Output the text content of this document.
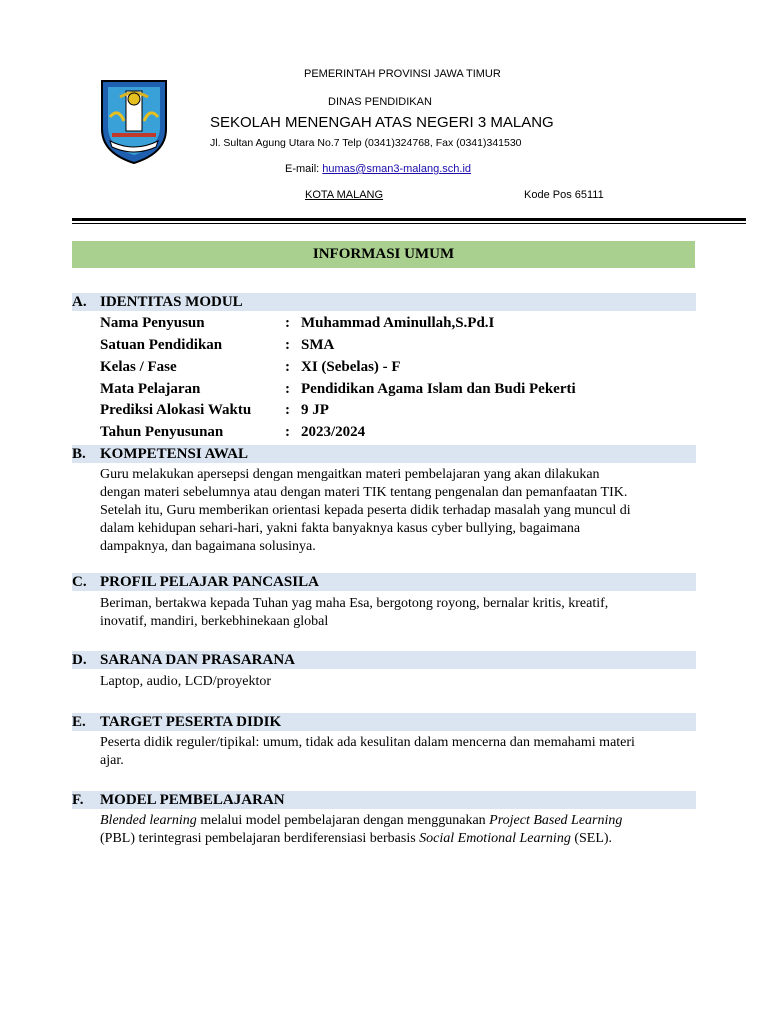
PEMERINTAH PROVINSI JAWA TIMUR
DINAS PENDIDIKAN
SEKOLAH MENENGAH ATAS NEGERI 3 MALANG
Jl. Sultan Agung Utara No.7 Telp (0341)324768, Fax (0341)341530
E-mail: humas@sman3-malang.sch.id
KOTA MALANG	Kode Pos 65111
INFORMASI UMUM
A. IDENTITAS MODUL
Nama Penyusun	: Muhammad Aminullah,S.Pd.I
Satuan Pendidikan	: SMA
Kelas / Fase	: XI (Sebelas) - F
Mata Pelajaran	: Pendidikan Agama Islam dan Budi Pekerti
Prediksi Alokasi Waktu : 9 JP
Tahun Penyusunan	: 2023/2024
B. KOMPETENSI AWAL
Guru melakukan apersepsi dengan mengaitkan materi pembelajaran yang akan dilakukan
dengan materi sebelumnya atau dengan materi TIK tentang pengenalan dan pemanfaatan TIK.
Setelah itu, Guru memberikan orientasi kepada peserta didik terhadap masalah yang muncul di
dalam kehidupan sehari-hari, yakni fakta banyaknya kasus cyber bullying, bagaimana
dampaknya, dan bagaimana solusinya.
C. PROFIL PELAJAR PANCASILA
Beriman, bertakwa kepada Tuhan yag maha Esa, bergotong royong, bernalar kritis, kreatif,
inovatif, mandiri, berkebhinekaan global
D. SARANA DAN PRASARANA
Laptop, audio, LCD/proyektor
E. TARGET PESERTA DIDIK
Peserta didik reguler/tipikal: umum, tidak ada kesulitan dalam mencerna dan memahami materi
ajar.
F. MODEL PEMBELAJARAN
Blended learning melalui model pembelajaran dengan menggunakan Project Based Learning
(PBL) terintegrasi pembelajaran berdiferensiasi berbasis Social Emotional Learning (SEL).
